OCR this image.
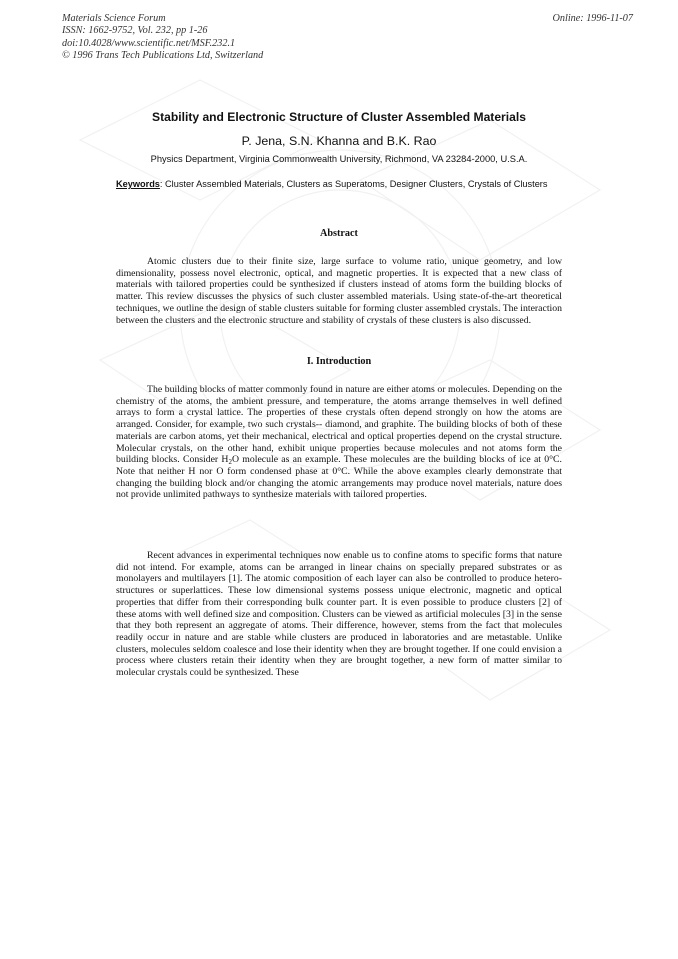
Materials Science Forum
ISSN: 1662-9752, Vol. 232, pp 1-26
doi:10.4028/www.scientific.net/MSF.232.1
© 1996 Trans Tech Publications Ltd, Switzerland
Online: 1996-11-07
Stability and Electronic Structure of Cluster Assembled Materials
P. Jena, S.N. Khanna and B.K. Rao
Physics Department, Virginia Commonwealth University, Richmond, VA 23284-2000, U.S.A.
Keywords: Cluster Assembled Materials, Clusters as Superatoms, Designer Clusters, Crystals of Clusters
Abstract

Atomic clusters due to their finite size, large surface to volume ratio, unique geometry, and low dimensionality, possess novel electronic, optical, and magnetic properties. It is expected that a new class of materials with tailored properties could be synthesized if clusters instead of atoms form the building blocks of matter. This review discusses the physics of such cluster assembled materials. Using state-of-the-art theoretical techniques, we outline the design of stable clusters suitable for forming cluster assembled crystals. The interaction between the clusters and the electronic structure and stability of crystals of these clusters is also discussed.

I. Introduction

The building blocks of matter commonly found in nature are either atoms or molecules. Depending on the chemistry of the atoms, the ambient pressure, and temperature, the atoms arrange themselves in well defined arrays to form a crystal lattice. The properties of these crystals often depend strongly on how the atoms are arranged. Consider, for example, two such crystals-- diamond, and graphite. The building blocks of both of these materials are carbon atoms, yet their mechanical, electrical and optical properties depend on the crystal structure. Molecular crystals, on the other hand, exhibit unique properties because molecules and not atoms form the building blocks. Consider $H_2O$ molecule as an example. These molecules are the building blocks of ice at 0°C. Note that neither H nor O form condensed phase at 0°C. While the above examples clearly demonstrate that changing the building block and/or changing the atomic arrangements may produce novel materials, nature does not provide unlimited pathways to synthesize materials with tailored properties.

Recent advances in experimental techniques now enable us to confine atoms to specific forms that nature did not intend. For example, atoms can be arranged in linear chains on specially prepared substrates or as monolayers and multilayers [1]. The atomic composition of each layer can also be controlled to produce hetero- structures or superlattices. These low dimensional systems possess unique electronic, magnetic and optical properties that differ from their corresponding bulk counter part. It is even possible to produce clusters [2] of these atoms with well defined size and composition. Clusters can be viewed as artificial molecules [3] in the sense that they both represent an aggregate of atoms. Their difference, however, stems from the fact that molecules readily occur in nature and are stable while clusters are produced in laboratories and are metastable. Unlike clusters, molecules seldom coalesce and lose their identity when they are brought together. If one could envision a process where clusters retain their identity when they are brought together, a new form of matter similar to molecular crystals could be synthesized. These
